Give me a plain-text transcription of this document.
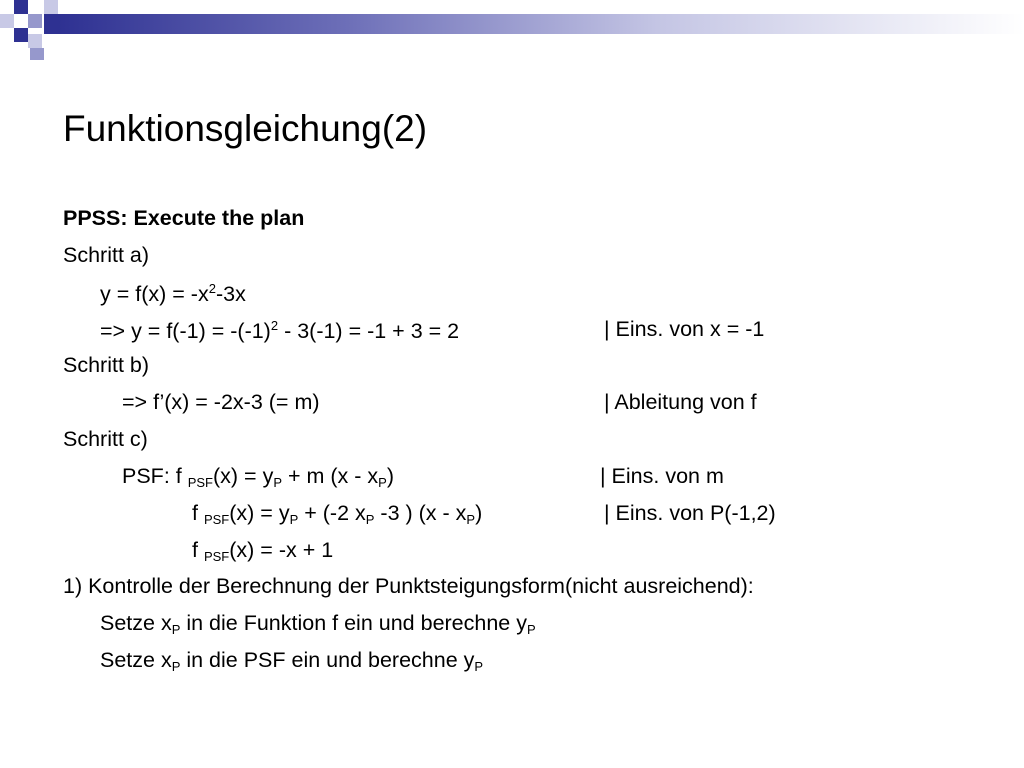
Funktionsgleichung(2)
PPSS: Execute the plan
Schritt a)
$y = f(x) = -x^2-3x$
=> $y = f(-1) = -(-1)^2 - 3(-1) = -1 + 3 = 2$	| Eins. von x = -1
Schritt b)
=> f’(x) = -2x-3 (= m)	| Ableitung von f
Schritt c)
PSF: f $_{PSF}(x) = y_P + m$ $(x - x_P)$	| Eins. von m
f $_{PSF}(x) = y_P + (-2$ $x_P$ -3 ) $(x - x_P)$	| Eins. von P(-1,2)
f $_{PSF}$(x) = -x + 1
1) Kontrolle der Berechnung der Punktsteigungsform(nicht ausreichend):
Setze $x_P$ in die Funktion f ein und berechne $y_P$
Setze $x_P$ in die PSF ein und berechne $y_P$
